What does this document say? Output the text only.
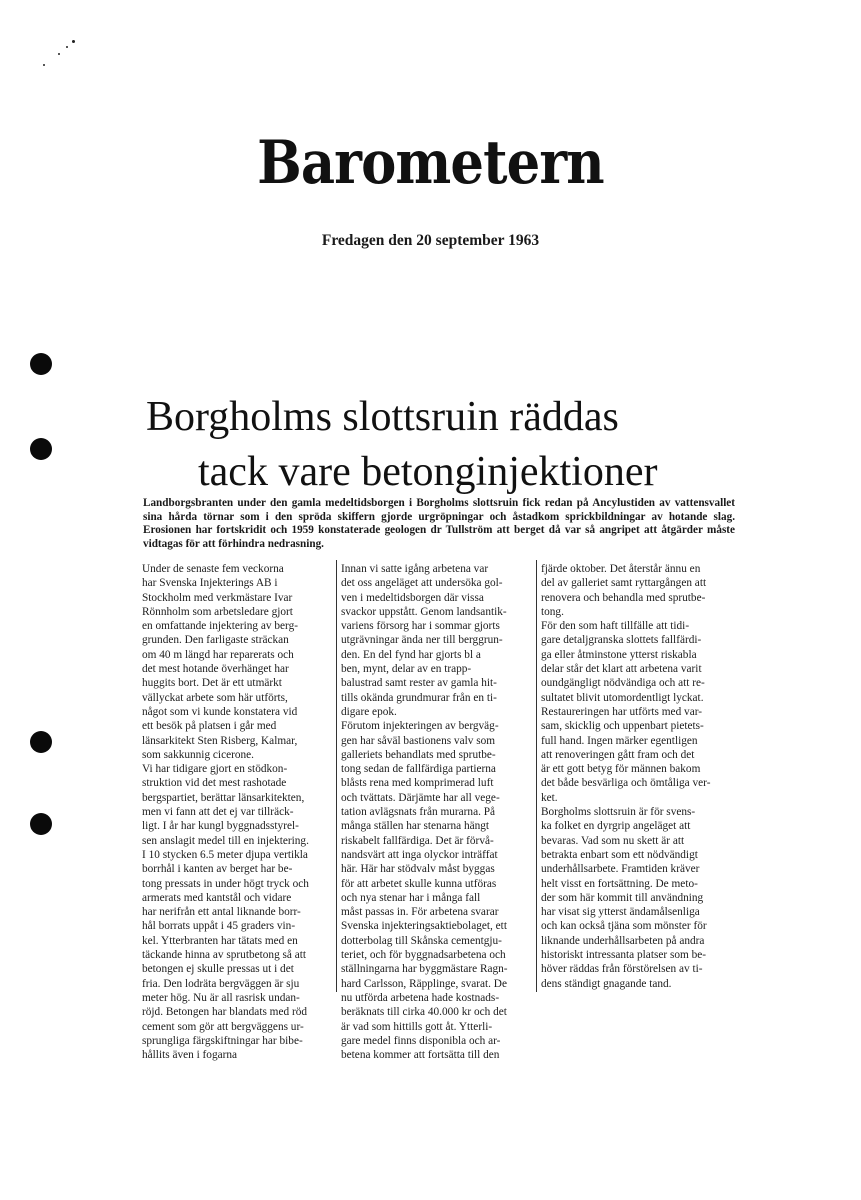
Barometern
Fredagen den 20 september 1963
Borgholms slottsruin räddas
tack vare betonginjektioner
Landborgsbranten under den gamla medeltidsborgen i Borgholms slottsruin fick redan på Ancylustiden av vattensvallet sina hårda törnar som i den spröda skiffern gjorde urgröpningar och åstadkom sprickbildningar av hotande slag. Erosionen har fortskridit och 1959 konstaterade geologen dr Tullström att berget då var så angripet att åtgärder måste vidtagas för att förhindra nedrasning.

Under de senaste fem veckorna

har Svenska Injekterings AB i

Stockholm med verkmästare Ivar

Rönnholm som arbetsledare gjort

en omfattande injektering av berg-

grunden. Den farligaste sträckan

om 40 m längd har reparerats och

det mest hotande överhänget har

huggits bort. Det är ett utmärkt

vällyckat arbete som här utförts,

något som vi kunde konstatera vid

ett besök på platsen i går med

länsarkitekt Sten Risberg, Kalmar,

som sakkunnig cicerone.

Vi har tidigare gjort en stödkon-

struktion vid det mest rashotade

bergspartiet, berättar länsarkitekten,

men vi fann att det ej var tillräck-

ligt. I år har kungl byggnadsstyrel-

sen anslagit medel till en injektering.

I 10 stycken 6.5 meter djupa vertikla

borrhål i kanten av berget har be-

tong pressats in under högt tryck och

armerats med kantstål och vidare

har nerifrån ett antal liknande borr-

hål borrats uppåt i 45 graders vin-

kel. Ytterbranten har tätats med en

täckande hinna av sprutbetong så att

betongen ej skulle pressas ut i det

fria. Den lodräta bergväggen är sju

meter hög. Nu är all rasrisk undan-

röjd. Betongen har blandats med röd

cement som gör att bergväggens ur-

sprungliga färgskiftningar har bibe-

hållits även i fogarna

Innan vi satte igång arbetena var

det oss angeläget att undersöka gol-

ven i medeltidsborgen där vissa

svackor uppstått. Genom landsantik-

variens försorg har i sommar gjorts

utgrävningar ända ner till berggrun-

den. En del fynd har gjorts bl a

ben, mynt, delar av en trapp-

balustrad samt rester av gamla hit-

tills okända grundmurar från en ti-

digare epok.

Förutom injekteringen av bergväg-

gen har såväl bastionens valv som

galleriets behandlats med sprutbe-

tong sedan de fallfärdiga partierna

blåsts rena med komprimerad luft

och tvättats. Därjämte har all vege-

tation avlägsnats från murarna. På

många ställen har stenarna hängt

riskabelt fallfärdiga. Det är förvå-

nandsvärt att inga olyckor inträffat

här. Här har stödvalv måst byggas

för att arbetet skulle kunna utföras

och nya stenar har i många fall

måst passas in. För arbetena svarar

Svenska injekteringsaktiebolaget, ett

dotterbolag till Skånska cementgju-

teriet, och för byggnadsarbetena och

ställningarna har byggmästare Ragn-

hard Carlsson, Räpplinge, svarat. De

nu utförda arbetena hade kostnads-

beräknats till cirka 40.000 kr och det

är vad som hittills gott åt. Ytterli-

gare medel finns disponibla och ar-

betena kommer att fortsätta till den

fjärde oktober. Det återstår ännu en

del av galleriet samt ryttargången att

renovera och behandla med sprutbe-

tong.

För den som haft tillfälle att tidi-

gare detaljgranska slottets fallfärdi-

ga eller åtminstone ytterst riskabla

delar står det klart att arbetena varit

oundgängligt nödvändiga och att re-

sultatet blivit utomordentligt lyckat.

Restaureringen har utförts med var-

sam, skicklig och uppenbart pietets-

full hand. Ingen märker egentligen

att renoveringen gått fram och det

är ett gott betyg för männen bakom

det både besvärliga och ömtåliga ver-

ket.

Borgholms slottsruin är för svens-

ka folket en dyrgrip angeläget att

bevaras. Vad som nu skett är att

betrakta enbart som ett nödvändigt

underhållsarbete. Framtiden kräver

helt visst en fortsättning. De meto-

der som här kommit till användning

har visat sig ytterst ändamålsenliga

och kan också tjäna som mönster för

liknande underhållsarbeten på andra

historiskt intressanta platser som be-

höver räddas från förstörelsen av ti-

dens ständigt gnagande tand.
